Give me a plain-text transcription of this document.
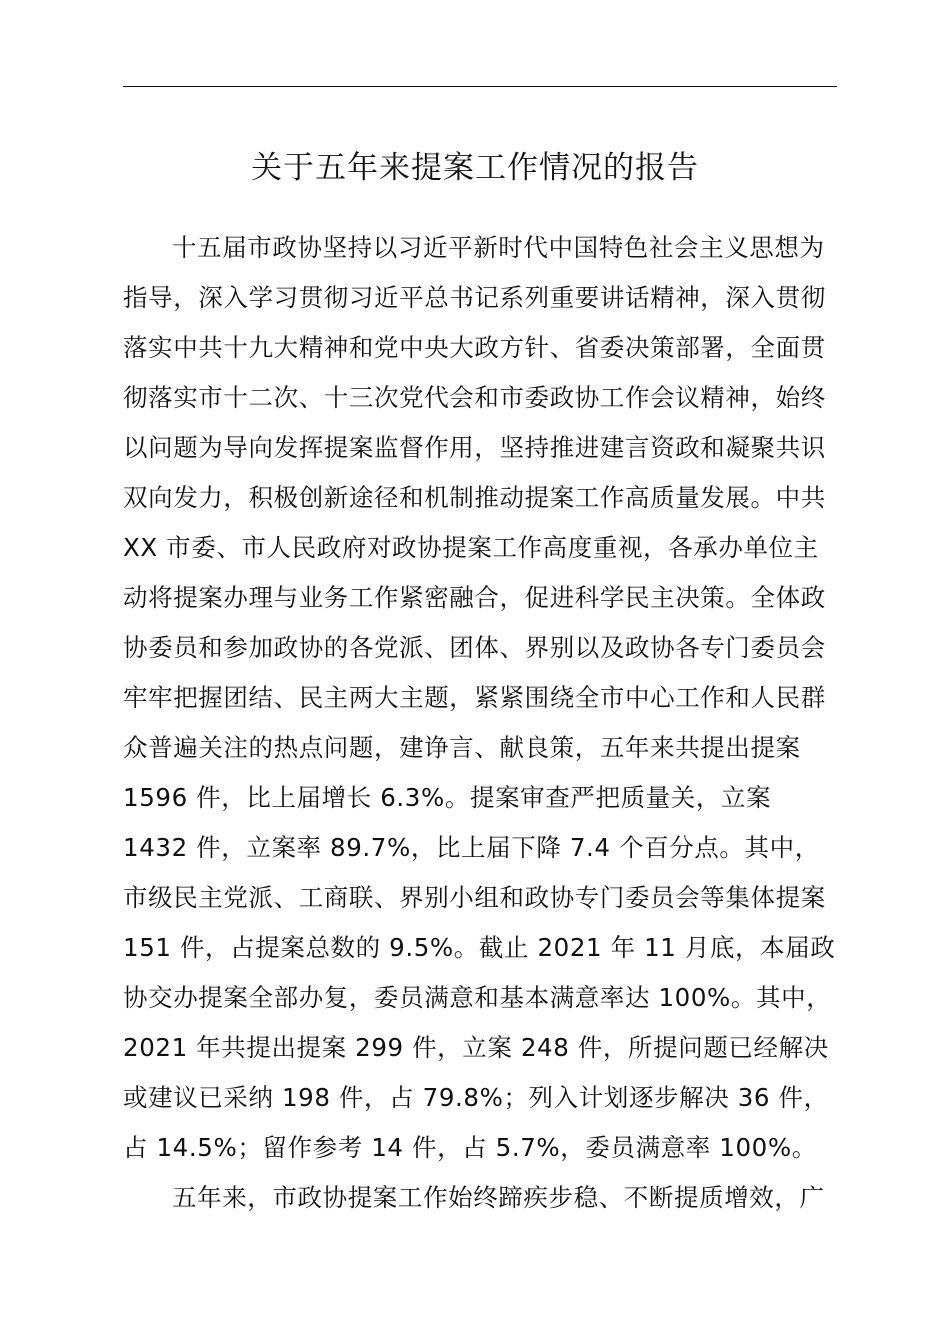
关于五年来提案工作情况的报告
十五届市政协坚持以习近平新时代中国特色社会主义思想为
指导，深入学习贯彻习近平总书记系列重要讲话精神，深入贯彻
落实中共十九大精神和党中央大政方针、省委决策部署，全面贯
彻落实市十二次、十三次党代会和市委政协工作会议精神，始终
以问题为导向发挥提案监督作用，坚持推进建言资政和凝聚共识
双向发力，积极创新途径和机制推动提案工作高质量发展。中共
XX 市委、市人民政府对政协提案工作高度重视，各承办单位主
动将提案办理与业务工作紧密融合，促进科学民主决策。全体政
协委员和参加政协的各党派、团体、界别以及政协各专门委员会
牢牢把握团结、民主两大主题，紧紧围绕全市中心工作和人民群
众普遍关注的热点问题，建诤言、献良策，五年来共提出提案
1596 件，比上届增长 6.3%。提案审查严把质量关，立案
1432 件，立案率 89.7%，比上届下降 7.4 个百分点。其中，
市级民主党派、工商联、界别小组和政协专门委员会等集体提案
151 件，占提案总数的 9.5%。截止 2021 年 11 月底，本届政
协交办提案全部办复，委员满意和基本满意率达 100%。其中，
2021 年共提出提案 299 件，立案 248 件，所提问题已经解决
或建议已采纳 198 件，占 79.8%；列入计划逐步解决 36 件，
占 14.5%；留作参考 14 件，占 5.7%，委员满意率 100%。
五年来，市政协提案工作始终蹄疾步稳、不断提质增效，广
